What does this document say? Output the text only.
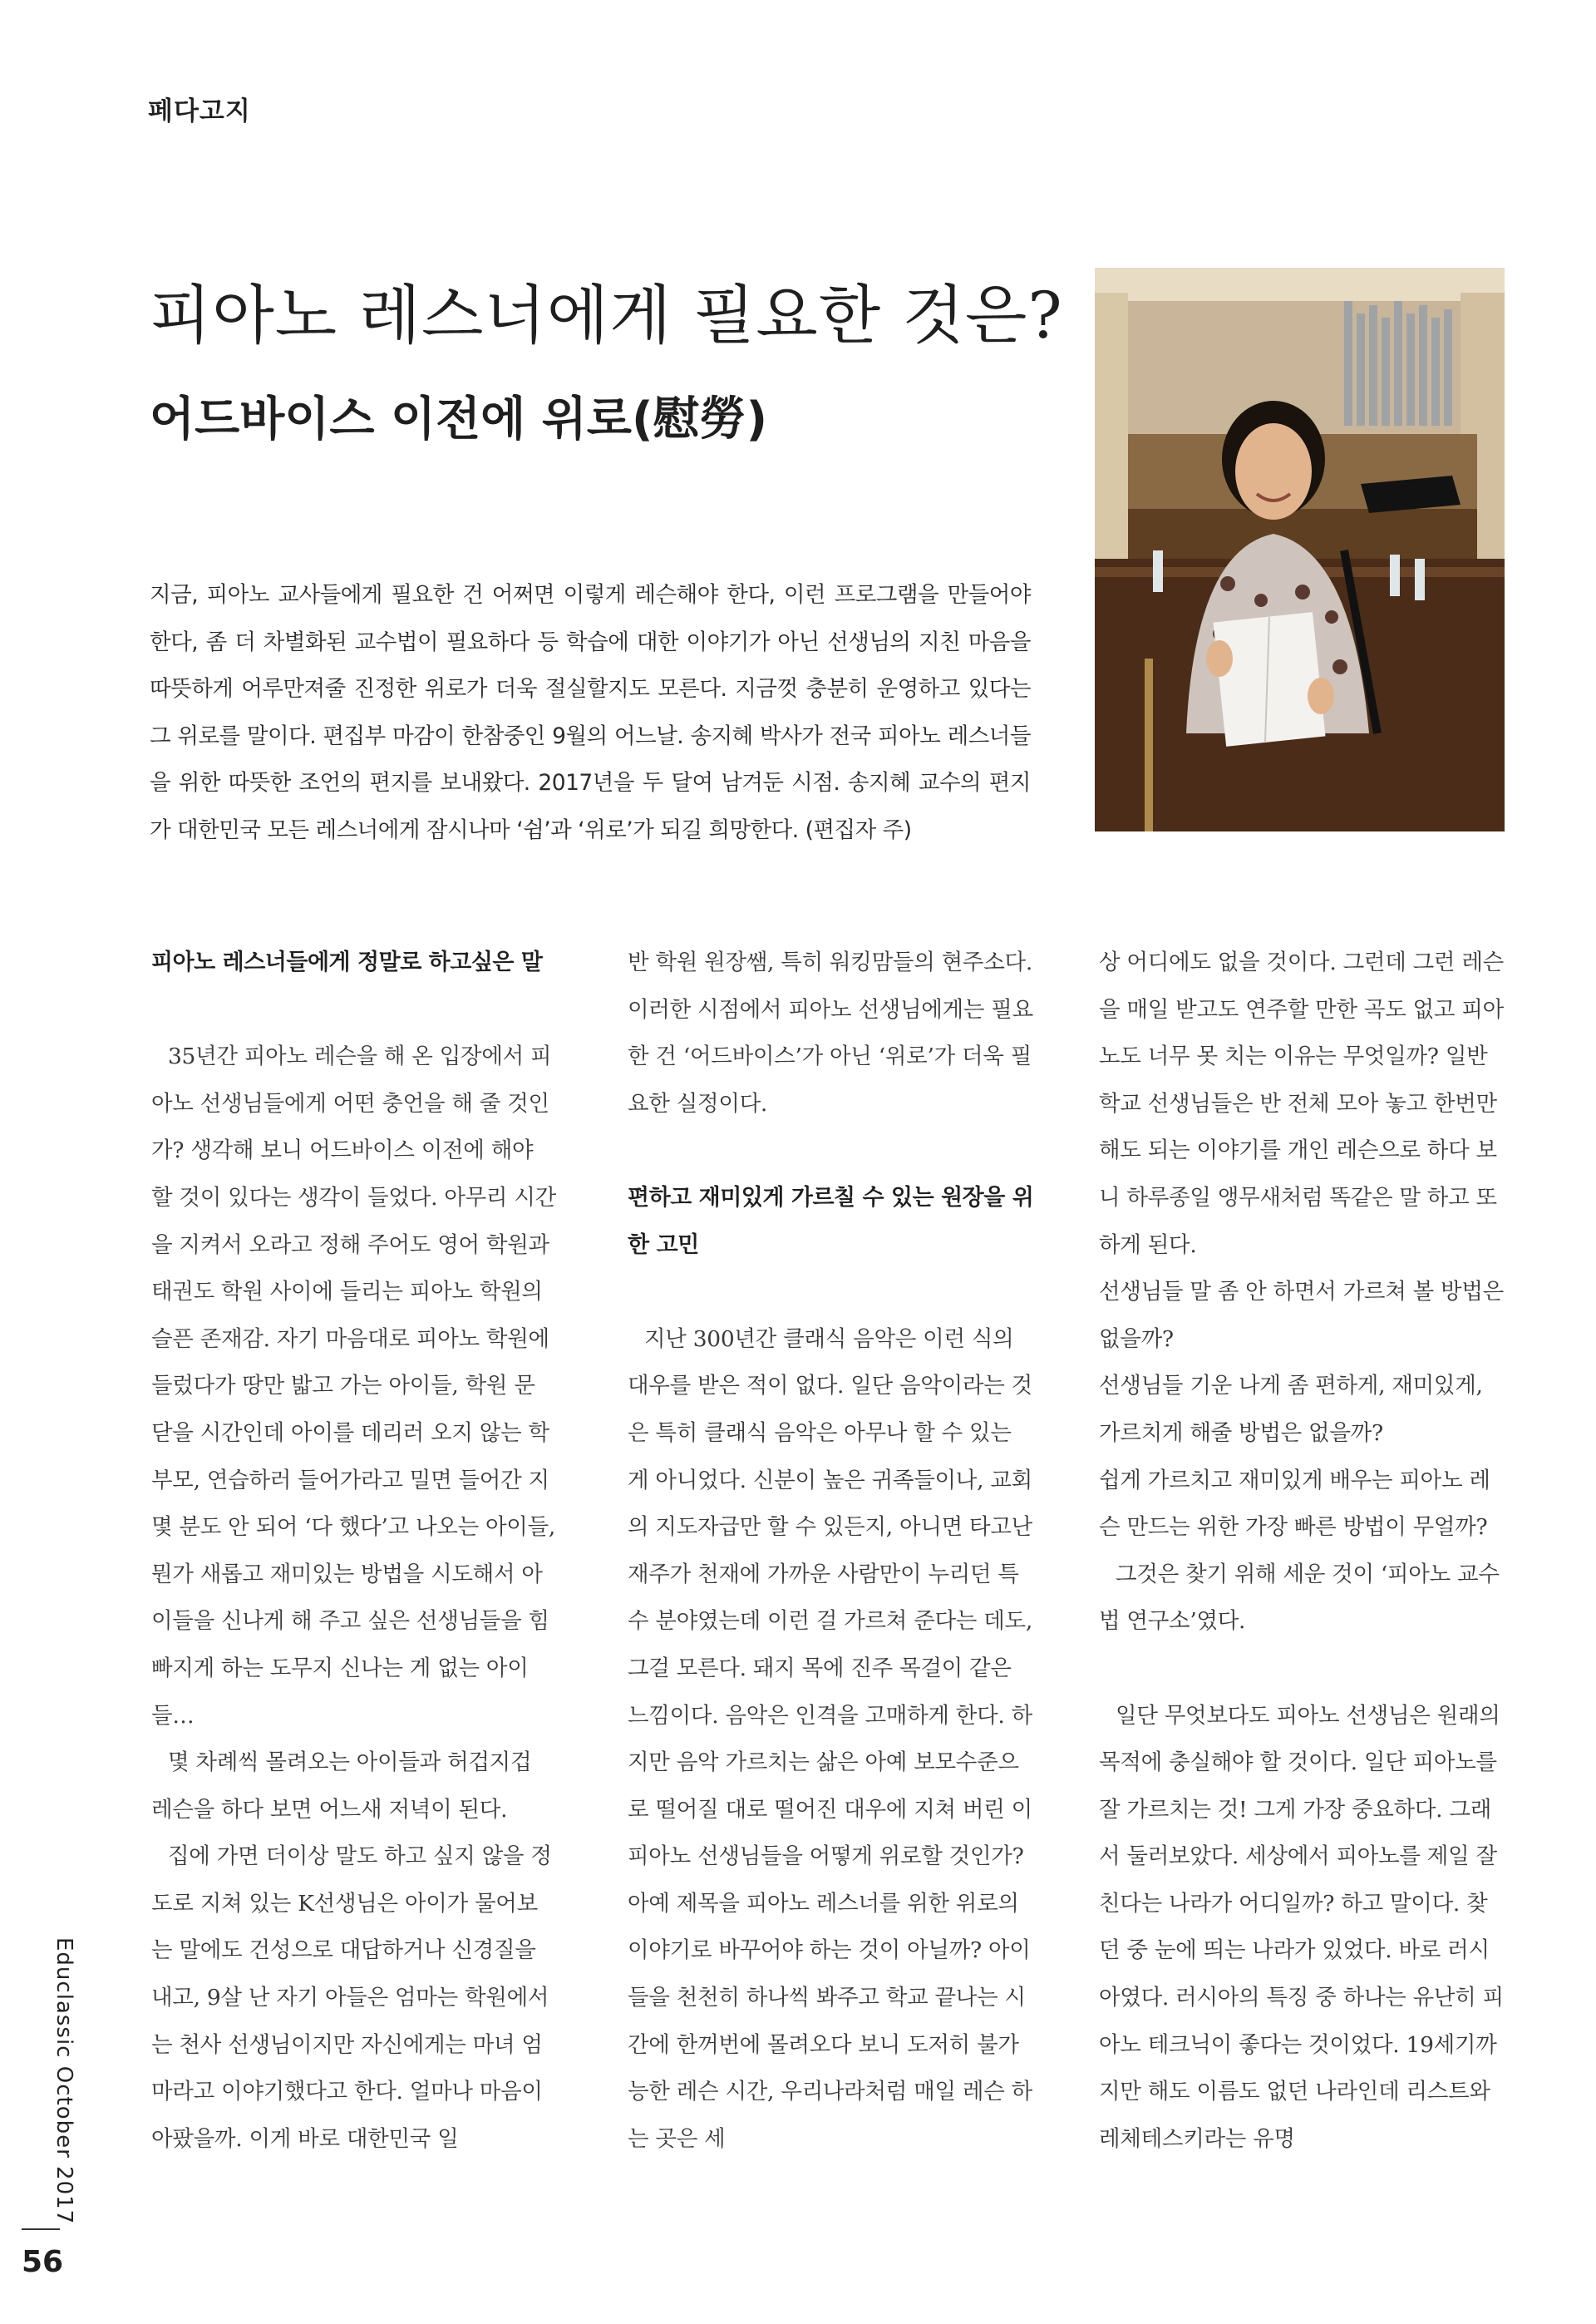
페다고지
피아노 레스너에게 필요한 것은?
어드바이스 이전에 위로(慰勞)

지금, 피아노 교사들에게 필요한 건 어쩌면 이렇게 레슨해야 한다, 이런 프로그램을 만들어야 한다, 좀 더 차별화된 교수법이 필요하다 등 학습에 대한 이야기가 아닌 선생님의 지친 마음을 따뜻하게 어루만져줄 진정한 위로가 더욱 절실할지도 모른다. 지금껏 충분히 운영하고 있다는 그 위로를 말이다. 편집부 마감이 한참중인 9월의 어느날. 송지혜 박사가 전국 피아노 레스너들을 위한 따뜻한 조언의 편지를 보내왔다. 2017년을 두 달여 남겨둔 시점. 송지혜 교수의 편지가 대한민국 모든 레스너에게 잠시나마 ‘쉼’과 ‘위로’가 되길 희망한다. (편집자 주)

피아노 레스너들에게 정말로 하고싶은 말

35년간 피아노 레슨을 해 온 입장에서 피아노 선생님들에게 어떤 충언을 해 줄 것인가? 생각해 보니 어드바이스 이전에 해야 할 것이 있다는 생각이 들었다. 아무리 시간을 지켜서 오라고 정해 주어도 영어 학원과 태권도 학원 사이에 들리는 피아노 학원의 슬픈 존재감. 자기 마음대로 피아노 학원에 들렀다가 땅만 밟고 가는 아이들, 학원 문 닫을 시간인데 아이를 데리러 오지 않는 학부모, 연습하러 들어가라고 밀면 들어간 지 몇 분도 안 되어 ‘다 했다’고 나오는 아이들, 뭔가 새롭고 재미있는 방법을 시도해서 아이들을 신나게 해 주고 싶은 선생님들을 힘 빠지게 하는 도무지 신나는 게 없는 아이들…

몇 차례씩 몰려오는 아이들과 허겁지겁 레슨을 하다 보면 어느새 저녁이 된다.

집에 가면 더이상 말도 하고 싶지 않을 정도로 지쳐 있는 K선생님은 아이가 물어보는 말에도 건성으로 대답하거나 신경질을 내고, 9살 난 자기 아들은 엄마는 학원에서는 천사 선생님이지만 자신에게는 마녀 엄마라고 이야기했다고 한다. 얼마나 마음이 아팠을까. 이게 바로 대한민국 일

반 학원 원장쌤, 특히 워킹맘들의 현주소다. 이러한 시점에서 피아노 선생님에게는 필요한 건 ‘어드바이스’가 아닌 ‘위로’가 더욱 필요한 실정이다.

편하고 재미있게 가르칠 수 있는 원장을 위한 고민

지난 300년간 클래식 음악은 이런 식의 대우를 받은 적이 없다. 일단 음악이라는 것은 특히 클래식 음악은 아무나 할 수 있는 게 아니었다. 신분이 높은 귀족들이나, 교회의 지도자급만 할 수 있든지, 아니면 타고난 재주가 천재에 가까운 사람만이 누리던 특수 분야였는데 이런 걸 가르쳐 준다는 데도, 그걸 모른다. 돼지 목에 진주 목걸이 같은 느낌이다. 음악은 인격을 고매하게 한다. 하지만 음악 가르치는 삶은 아예 보모수준으로 떨어질 대로 떨어진 대우에 지쳐 버린 이 피아노 선생님들을 어떻게 위로할 것인가? 아예 제목을 피아노 레스너를 위한 위로의 이야기로 바꾸어야 하는 것이 아닐까? 아이들을 천천히 하나씩 봐주고 학교 끝나는 시간에 한꺼번에 몰려오다 보니 도저히 불가능한 레슨 시간, 우리나라처럼 매일 레슨 하는 곳은 세

상 어디에도 없을 것이다. 그런데 그런 레슨을 매일 받고도 연주할 만한 곡도 없고 피아노도 너무 못 치는 이유는 무엇일까? 일반 학교 선생님들은 반 전체 모아 놓고 한번만 해도 되는 이야기를 개인 레슨으로 하다 보니 하루종일 앵무새처럼 똑같은 말 하고 또 하게 된다.

선생님들 말 좀 안 하면서 가르쳐 볼 방법은 없을까?

선생님들 기운 나게 좀 편하게, 재미있게, 가르치게 해줄 방법은 없을까?

쉽게 가르치고 재미있게 배우는 피아노 레슨 만드는 위한 가장 빠른 방법이 무얼까?

그것은 찾기 위해 세운 것이 ‘피아노 교수법 연구소’였다.

일단 무엇보다도 피아노 선생님은 원래의 목적에 충실해야 할 것이다. 일단 피아노를 잘 가르치는 것! 그게 가장 중요하다. 그래서 둘러보았다. 세상에서 피아노를 제일 잘 친다는 나라가 어디일까? 하고 말이다. 찾던 중 눈에 띄는 나라가 있었다. 바로 러시아였다. 러시아의 특징 중 하나는 유난히 피아노 테크닉이 좋다는 것이었다. 19세기까지만 해도 이름도 없던 나라인데 리스트와 레체테스키라는 유명

Educlassic October 2017
56
